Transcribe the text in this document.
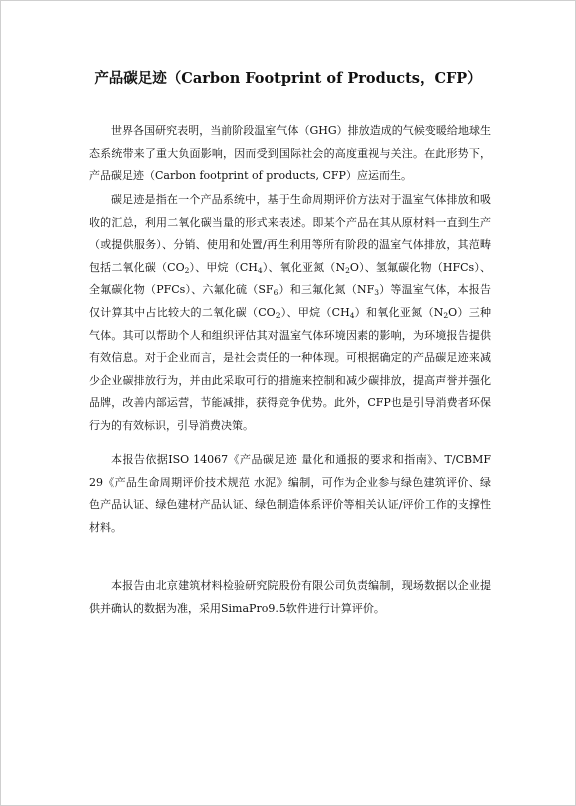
产品碳足迹（Carbon Footprint of Products，CFP）

世界各国研究表明，当前阶段温室气体（GHG）排放造成的气候变暖给地球生态系统带来了重大负面影响，因而受到国际社会的高度重视与关注。在此形势下，产品碳足迹（Carbon footprint of products, CFP）应运而生。

碳足迹是指在一个产品系统中，基于生命周期评价方法对于温室气体排放和吸收的汇总，利用二氧化碳当量的形式来表述。即某个产品在其从原材料一直到生产（或提供服务）、分销、使用和处置/再生利用等所有阶段的温室气体排放，其范畴包括二氧化碳$(CO_2)$、甲烷$(CH_4)$、氧化亚氮$(N_2O)$、氢氟碳化物（HFCs）、全氟碳化物（PFCs）、六氟化硫$(SF_6)$和三氟化氮$(NF_3)$等温室气体，本报告仅计算其中占比较大的二氧化碳$(CO_2)$、甲烷$(CH_4)$和氧化亚氮$(N_2O)$三种气体。其可以帮助个人和组织评估其对温室气体环境因素的影响，为环境报告提供有效信息。对于企业而言，是社会责任的一种体现。可根据确定的产品碳足迹来减少企业碳排放行为，并由此采取可行的措施来控制和减少碳排放，提高声誉并强化品牌，改善内部运营，节能减排，获得竞争优势。此外，CFP也是引导消费者环保行为的有效标识，引导消费决策。

本报告依据ISO 14067《产品碳足迹 量化和通报的要求和指南》、T/CBMF 29《产品生命周期评价技术规范 水泥》编制，可作为企业参与绿色建筑评价、绿色产品认证、绿色建材产品认证、绿色制造体系评价等相关认证/评价工作的支撑性材料。

本报告由北京建筑材料检验研究院股份有限公司负责编制，现场数据以企业提供并确认的数据为准，采用SimaPro9.5软件进行计算评价。
